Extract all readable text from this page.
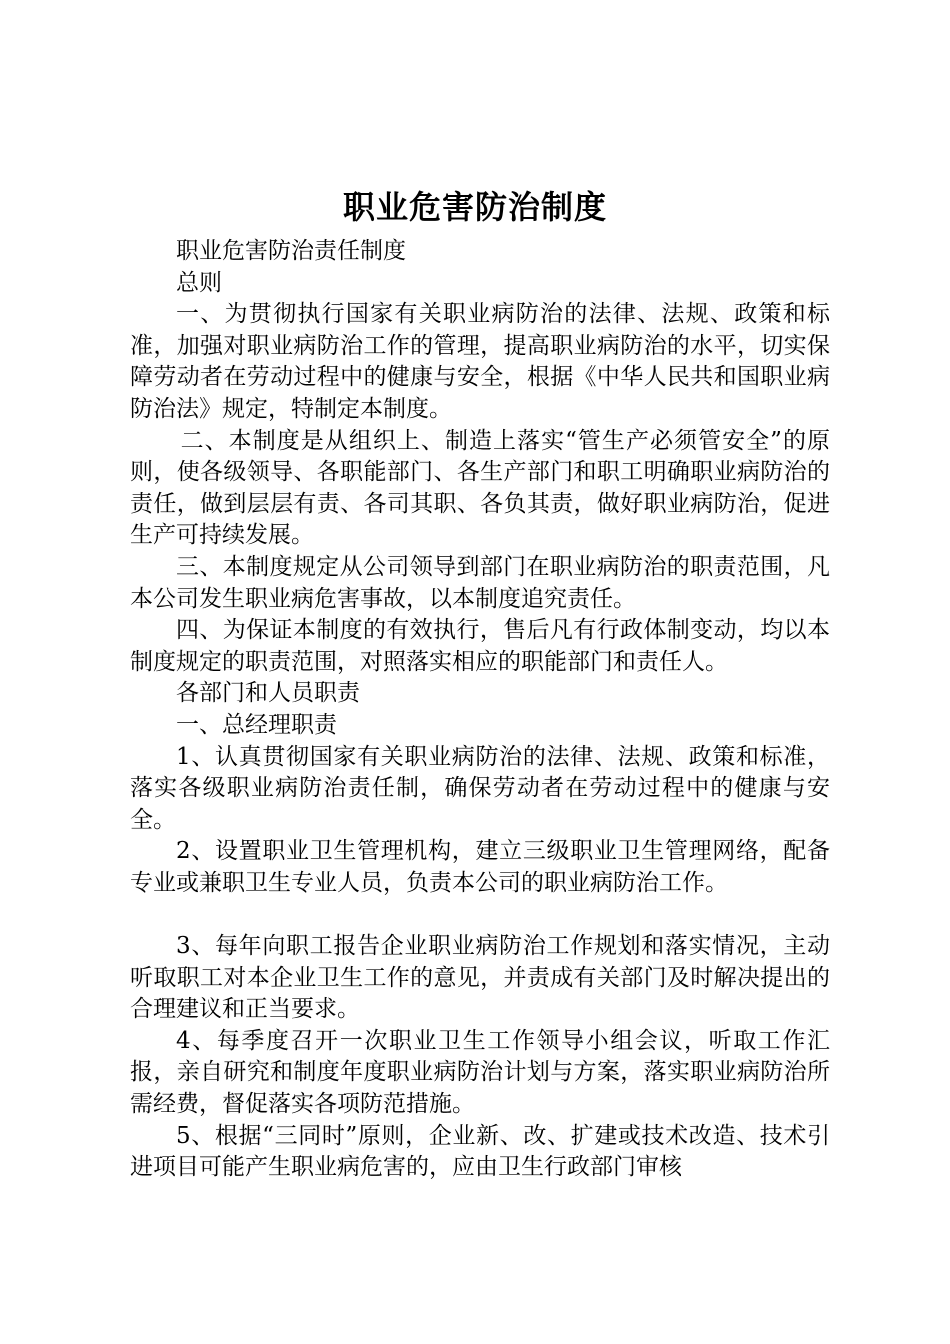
职业危害防治制度

职业危害防治责任制度

总则

一、为贯彻执行国家有关职业病防治的法律、法规、政策和标准，加强对职业病防治工作的管理，提高职业病防治的水平，切实保障劳动者在劳动过程中的健康与安全，根据《中华人民共和国职业病防治法》规定，特制定本制度。

二、本制度是从组织上、制造上落实“管生产必须管安全”的原则，使各级领导、各职能部门、各生产部门和职工明确职业病防治的责任，做到层层有责、各司其职、各负其责，做好职业病防治，促进生产可持续发展。

三、本制度规定从公司领导到部门在职业病防治的职责范围，凡本公司发生职业病危害事故，以本制度追究责任。

四、为保证本制度的有效执行，售后凡有行政体制变动，均以本制度规定的职责范围，对照落实相应的职能部门和责任人。

各部门和人员职责

一、总经理职责

1、认真贯彻国家有关职业病防治的法律、法规、政策和标准，落实各级职业病防治责任制，确保劳动者在劳动过程中的健康与安全。

2、设置职业卫生管理机构，建立三级职业卫生管理网络，配备专业或兼职卫生专业人员，负责本公司的职业病防治工作。

3、每年向职工报告企业职业病防治工作规划和落实情况，主动听取职工对本企业卫生工作的意见，并责成有关部门及时解决提出的合理建议和正当要求。

4、每季度召开一次职业卫生工作领导小组会议，听取工作汇报，亲自研究和制度年度职业病防治计划与方案，落实职业病防治所需经费，督促落实各项防范措施。

5、根据“三同时”原则，企业新、改、扩建或技术改造、技术引进项目可能产生职业病危害的，应由卫生行政部门审核
